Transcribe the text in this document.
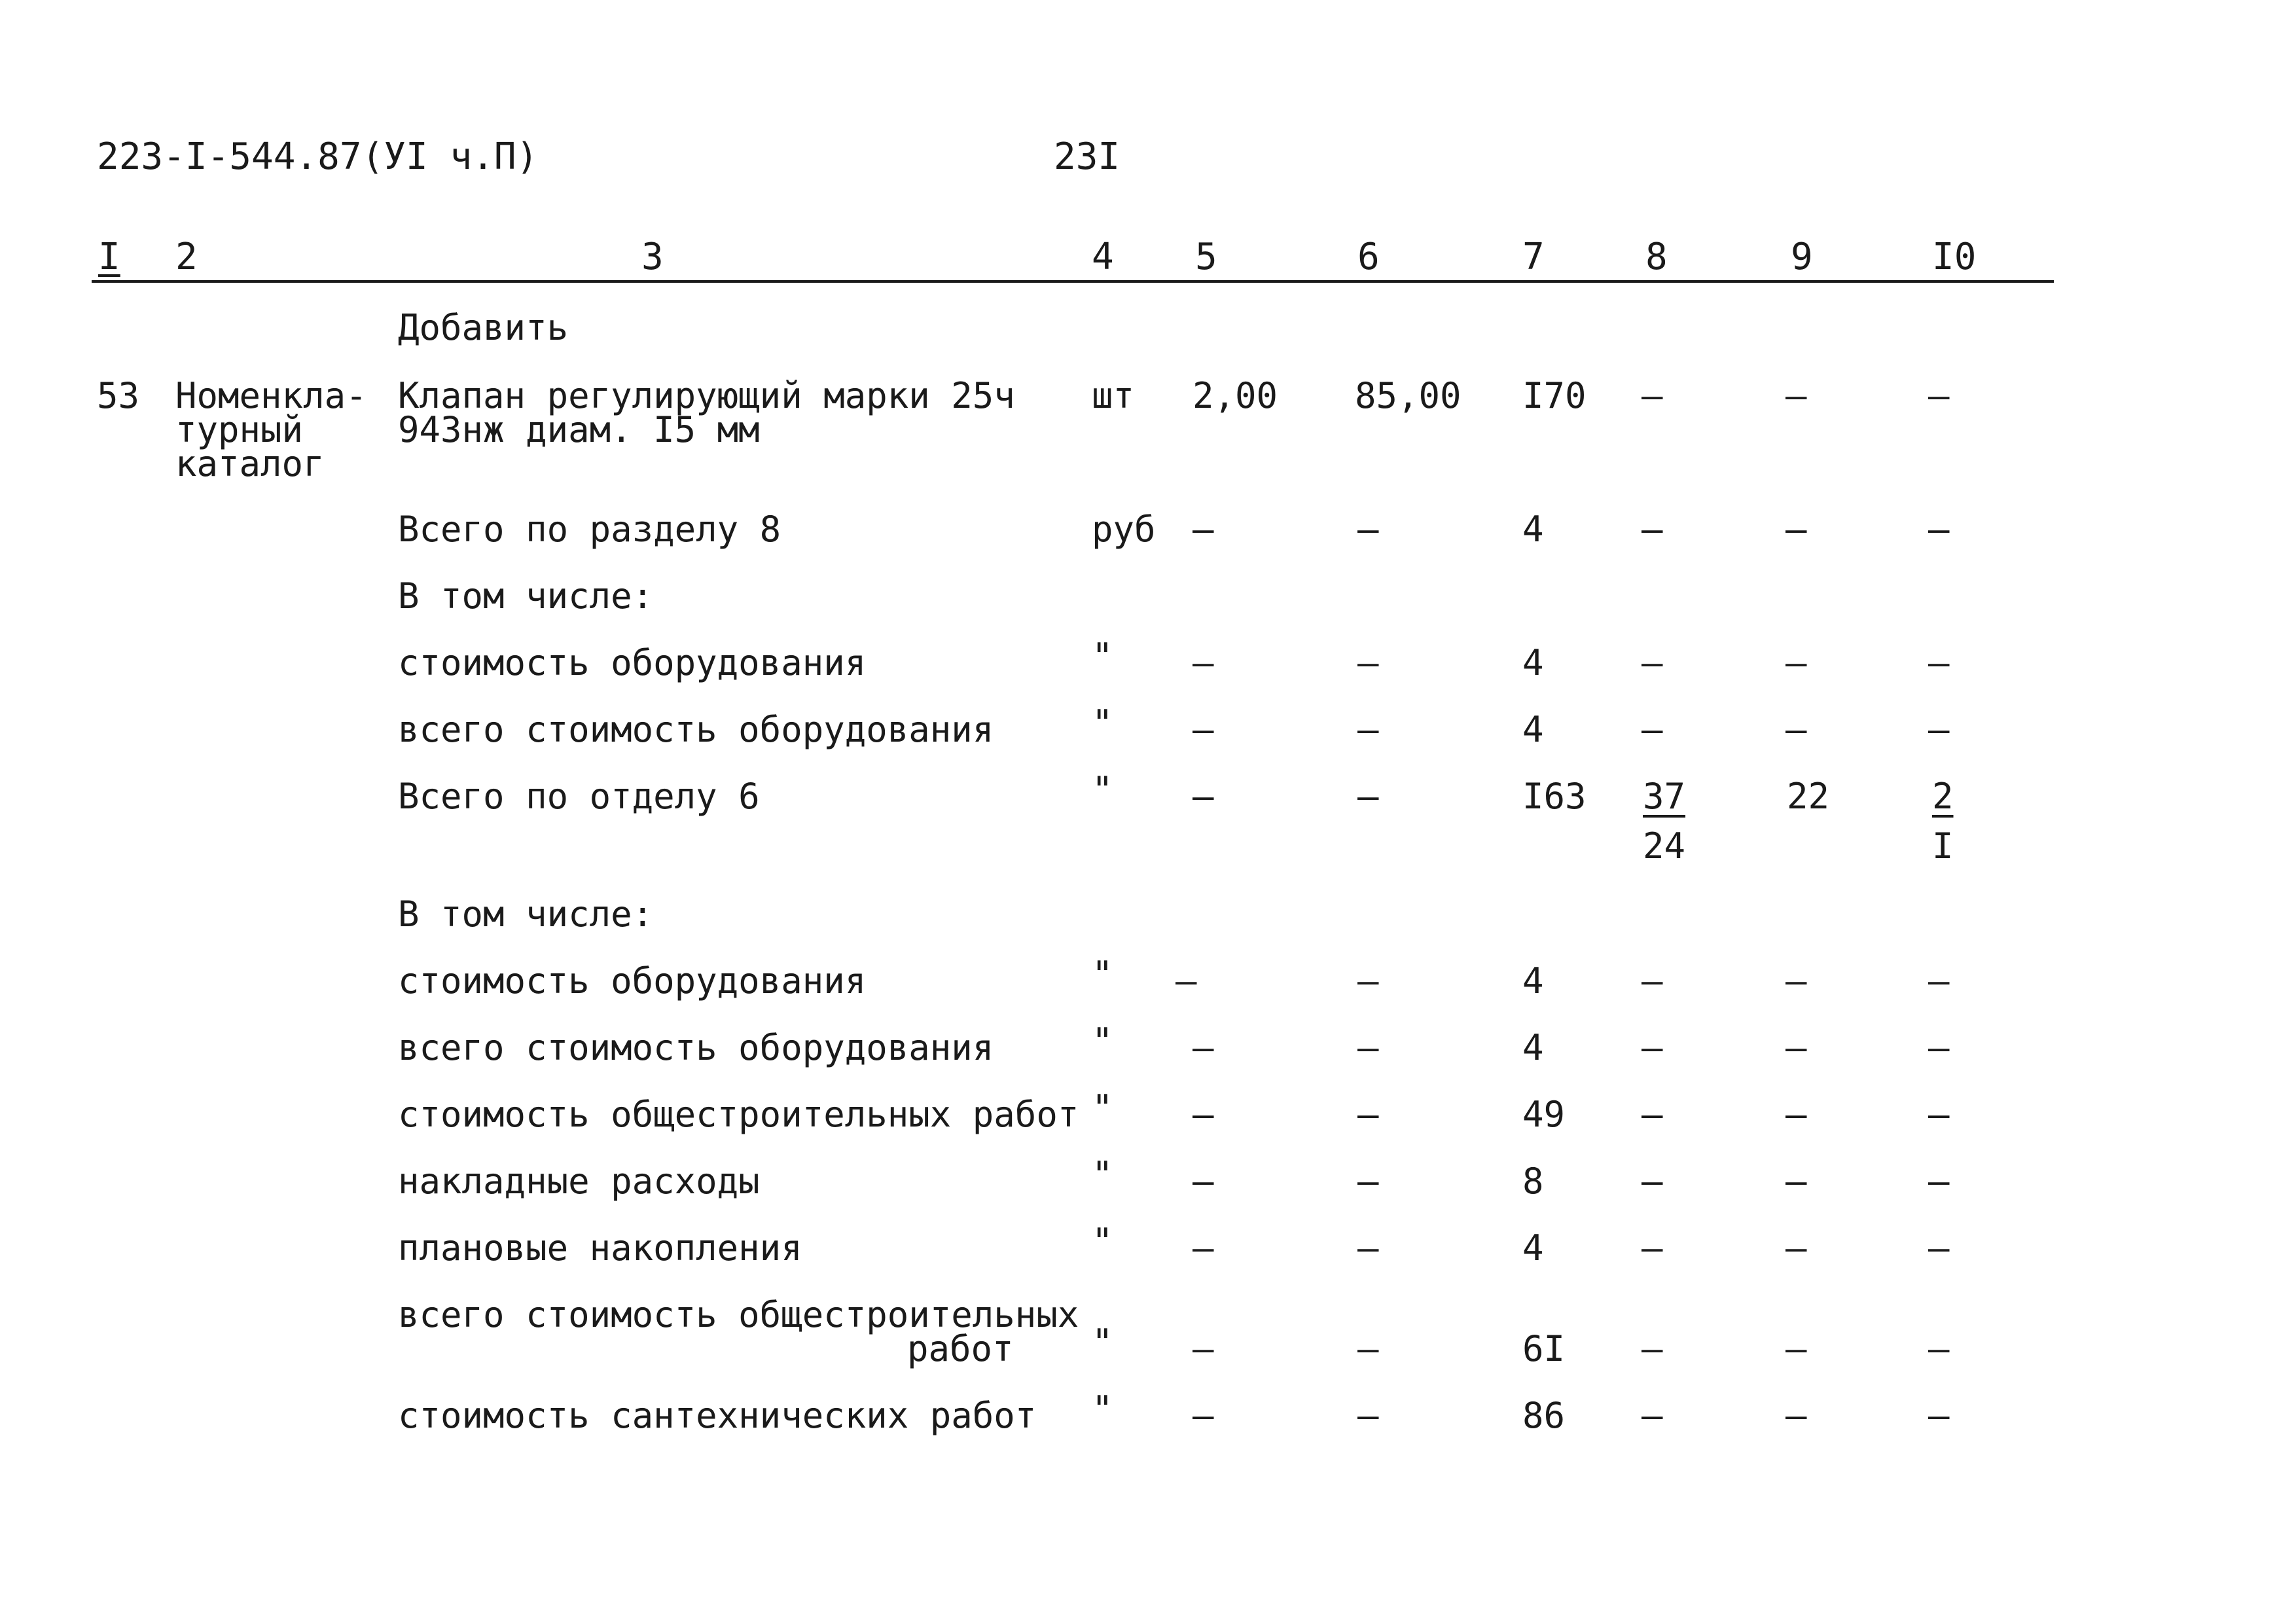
223-I-544.87(УI ч.П)	23I
I 2	3	4 5	6	7	8	9	I0
Добавить
53 Номенкла-
турный
каталог
Клапан регулирующий марки 25ч
943нж диам. I5 мм
шт 2,00 85,00 I70 –	–	–
Всего по разделу 8	руб –	–	4	–	–	–
В том числе:
стоимость оборудования	" –	–	4	–	–	–
всего стоимость оборудования	" –	–	4	–	–	–
Всего по отделу 6	" –	–	I63 37
24
22	2
I
В том числе:
стоимость оборудования	" –	–	4	–	–	–
всего стоимость оборудования	" –	–	4	–	–	–
стоимость общестроительных работ " –	–	49 –	–	–
накладные расходы	" –	–	8	–	–	–
плановые накопления	" –	–	4	–	–	–
всего стоимость общестроительных
работ " –	–	6I –	–	–
стоимость сантехнических работ " –	–	86 –	–	–
